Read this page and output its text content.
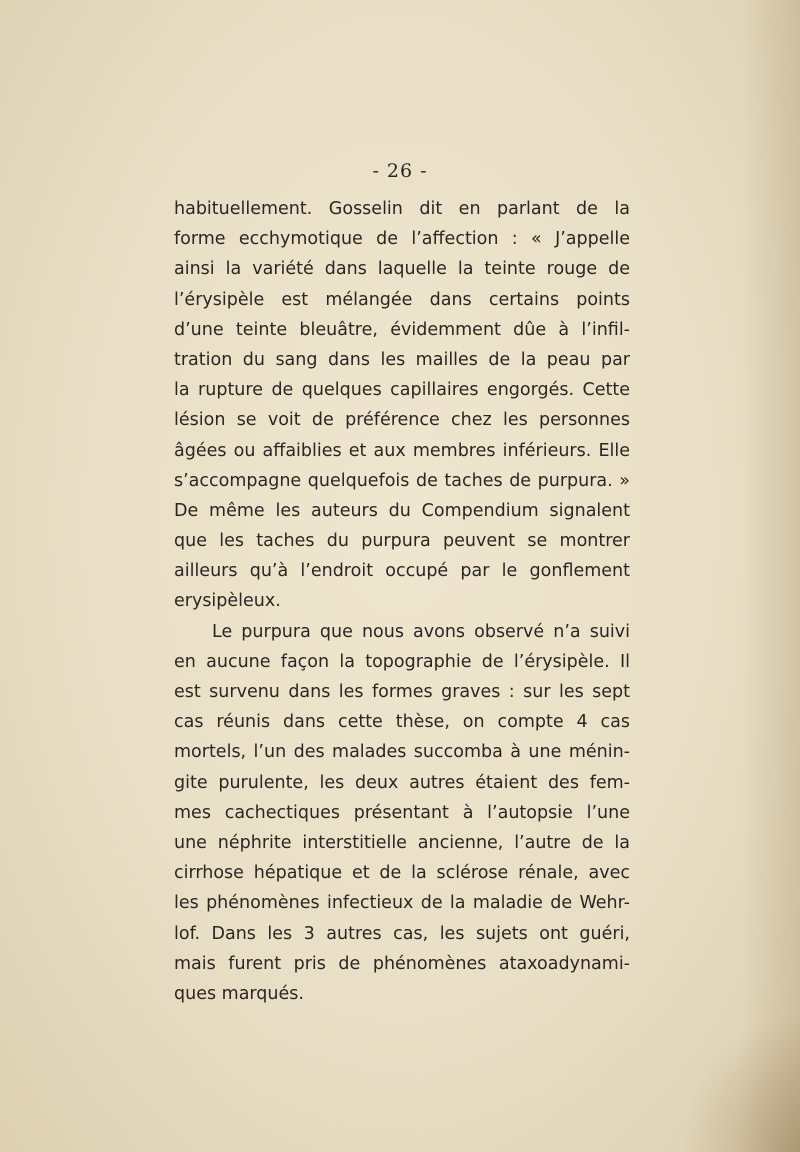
- 26 -
habituellement. Gosselin dit en parlant de la
forme ecchymotique de l’affection : « J’appelle
ainsi la variété dans laquelle la teinte rouge de
l’érysipèle est mélangée dans certains points
d’une teinte bleuâtre, évidemment dûe à l’infil-
tration du sang dans les mailles de la peau par
la rupture de quelques capillaires engorgés. Cette
lésion se voit de préférence chez les personnes
âgées ou affaiblies et aux membres inférieurs. Elle
s’accompagne quelquefois de taches de purpura. »
De même les auteurs du Compendium signalent
que les taches du purpura peuvent se montrer
ailleurs qu’à l’endroit occupé par le gonflement
erysipèleux.
Le purpura que nous avons observé n’a suivi
en aucune façon la topographie de l’érysipèle. Il
est survenu dans les formes graves : sur les sept
cas réunis dans cette thèse, on compte 4 cas
mortels, l’un des malades succomba à une ménin-
gite purulente, les deux autres étaient des fem-
mes cachectiques présentant à l’autopsie l’une
une néphrite interstitielle ancienne, l’autre de la
cirrhose hépatique et de la sclérose rénale, avec
les phénomènes infectieux de la maladie de Wehr-
lof. Dans les 3 autres cas, les sujets ont guéri,
mais furent pris de phénomènes ataxoadynami-
ques marqués.
